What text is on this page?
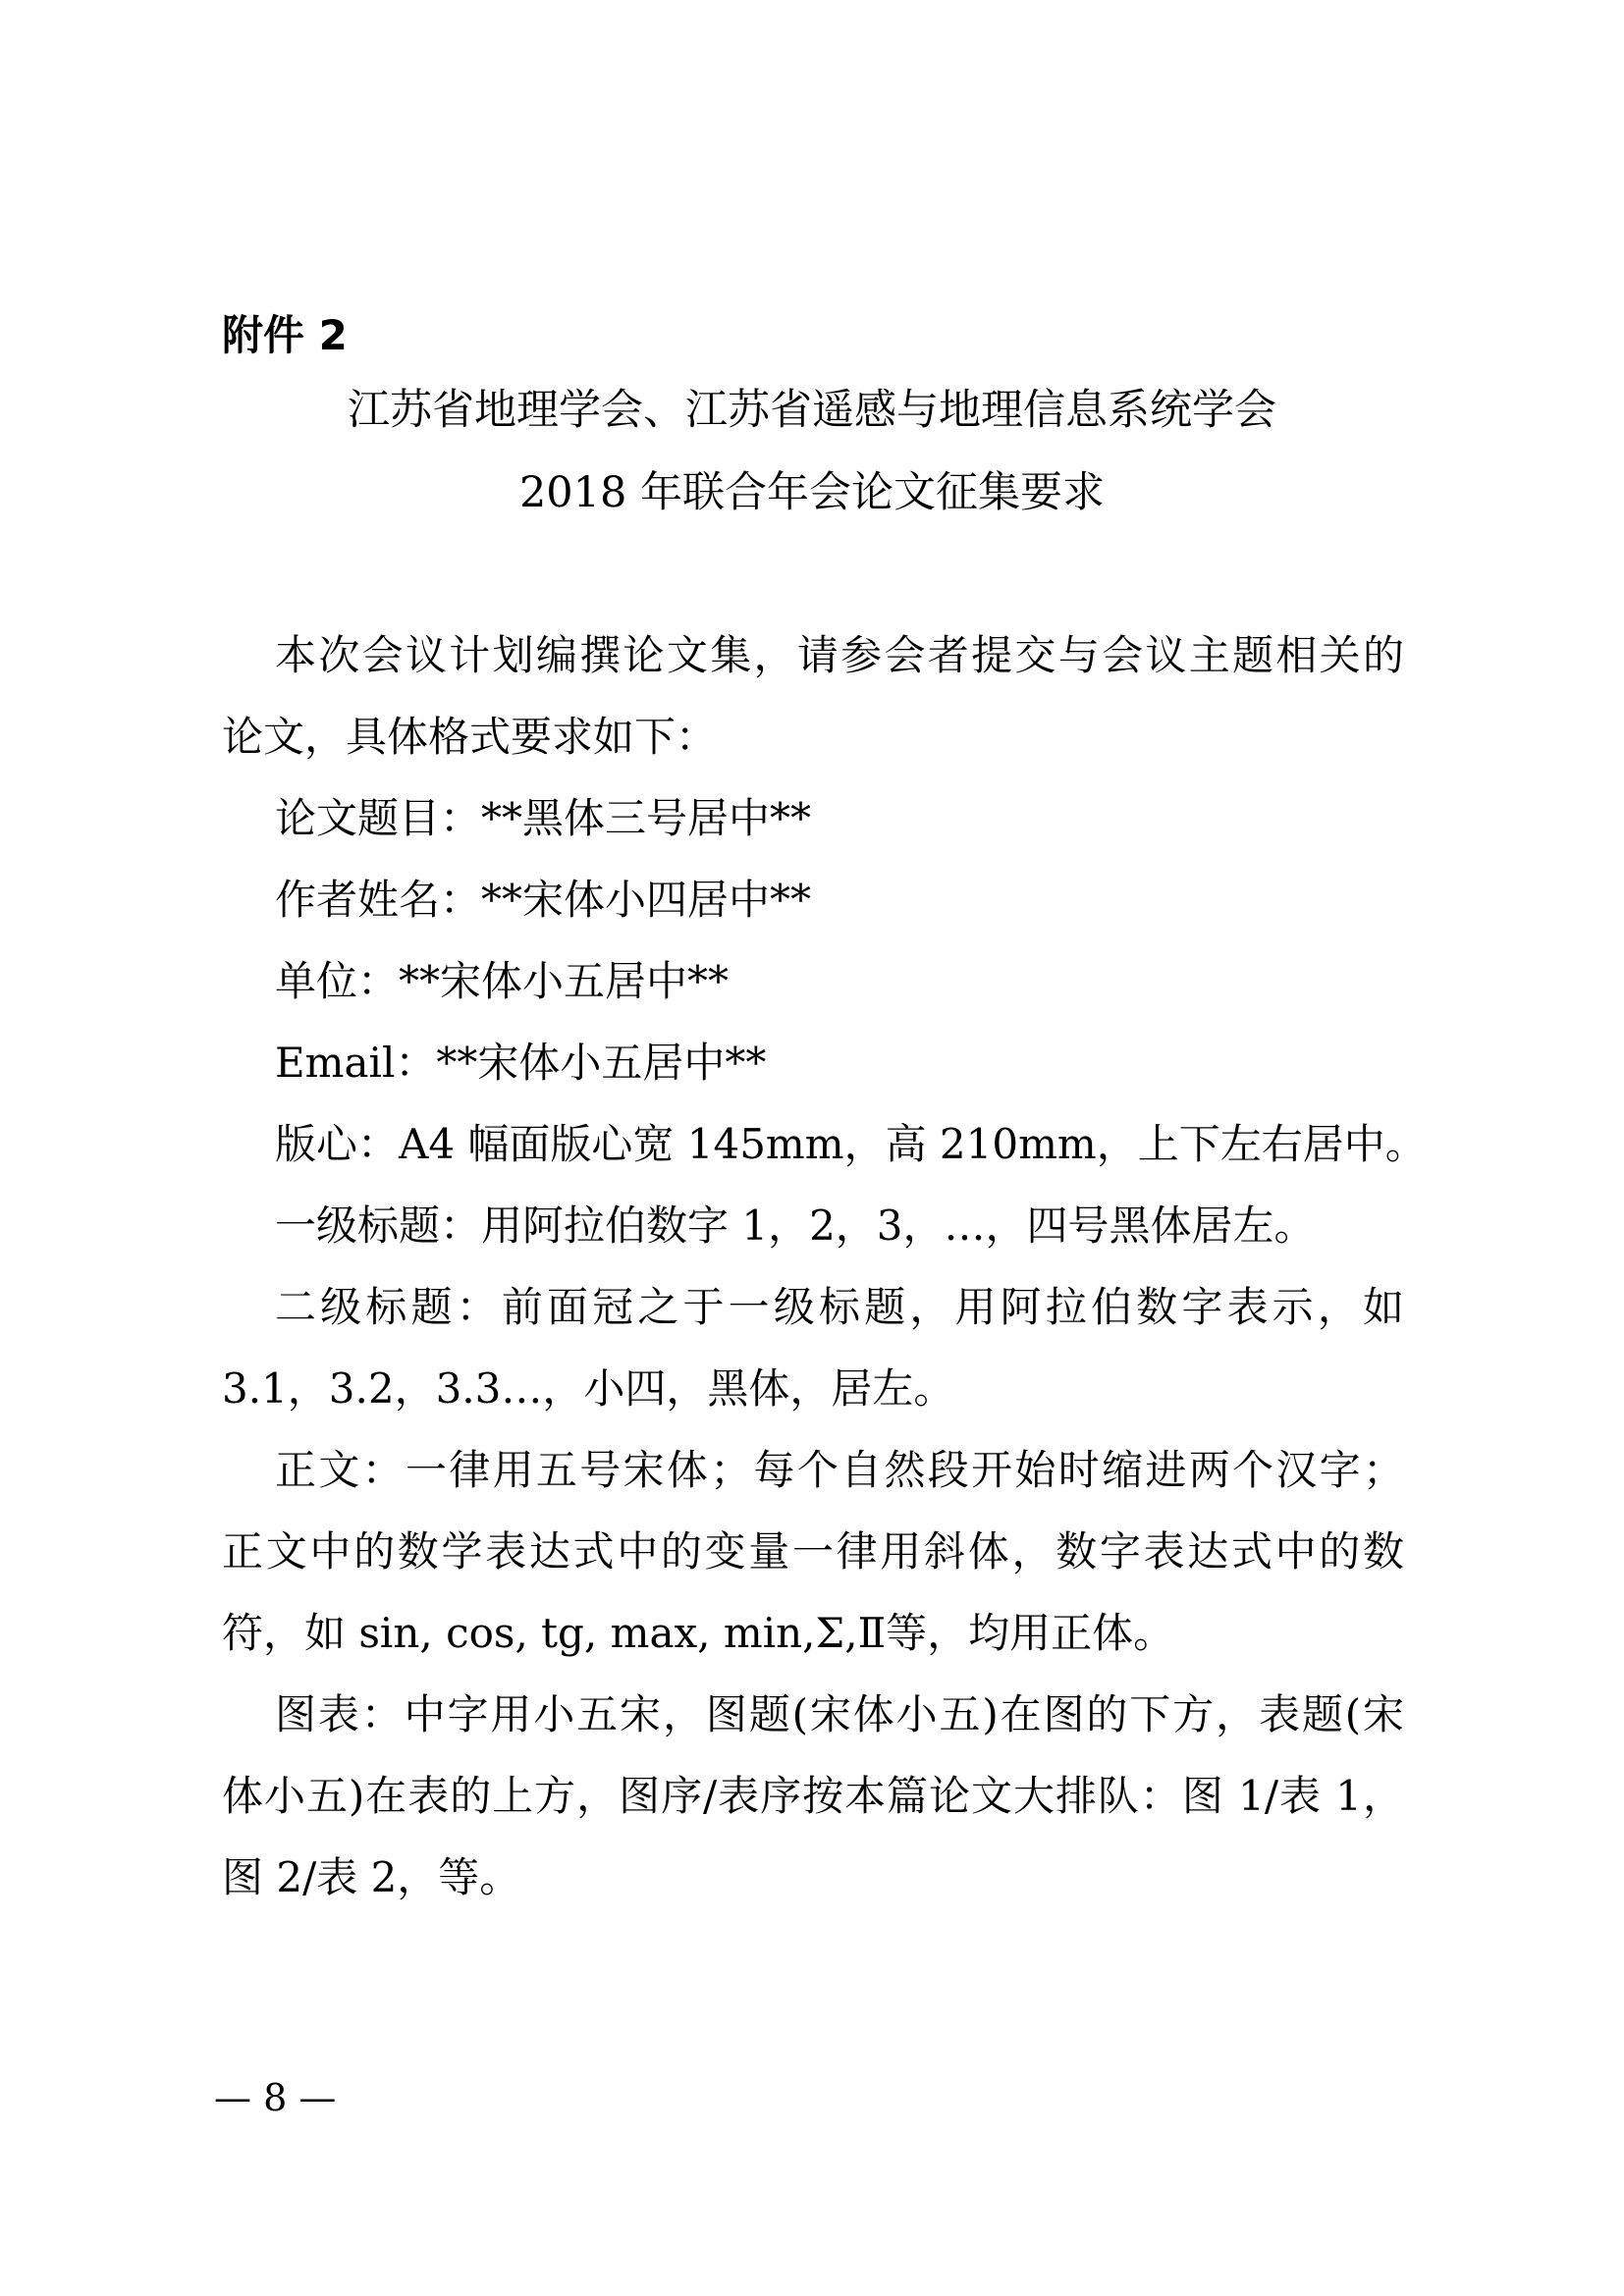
附件 2
江苏省地理学会、江苏省遥感与地理信息系统学会
2018 年联合年会论文征集要求
本次会议计划编撰论文集，请参会者提交与会议主题相关的
论文，具体格式要求如下：
论文题目：**黑体三号居中**
作者姓名：**宋体小四居中**
单位：**宋体小五居中**
Email：**宋体小五居中**
版心：A4 幅面版心宽 145mm，高 210mm，上下左右居中。
一级标题：用阿拉伯数字 1，2，3，…，四号黑体居左。
二级标题：前面冠之于一级标题，用阿拉伯数字表示，如
3.1，3.2，3.3…，小四，黑体，居左。
正文：一律用五号宋体；每个自然段开始时缩进两个汉字；
正文中的数学表达式中的变量一律用斜体，数字表达式中的数
符，如 sin, cos, tg, max, min,Σ,Ⅱ等，均用正体。
图表：中字用小五宋，图题(宋体小五)在图的下方，表题(宋
体小五)在表的上方，图序/表序按本篇论文大排队：图 1/表 1，
图 2/表 2，等。
— 8 —
